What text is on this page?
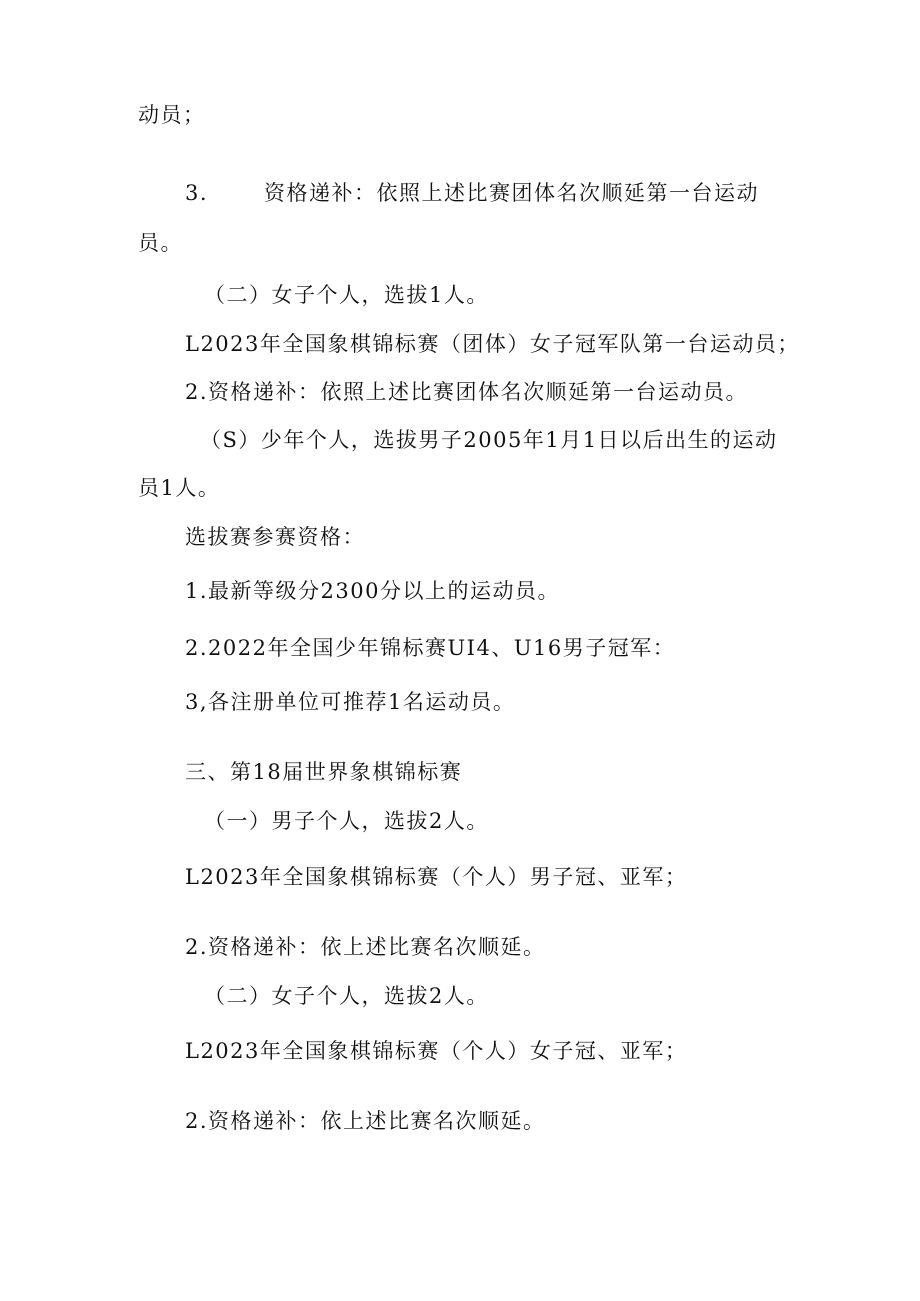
动员；
3.	资格递补：依照上述比赛团体名次顺延第一台运动
员。
（二）女子个人，选拔1人。
L2023年全国象棋锦标赛（团体）女子冠军队第一台运动员；
2.资格递补：依照上述比赛团体名次顺延第一台运动员。
（S）少年个人，选拔男子2005年1月1日以后出生的运动
员1人。
选拔赛参赛资格：
1.最新等级分2300分以上的运动员。
2.2022年全国少年锦标赛UI4、U16男子冠军：
3,各注册单位可推荐1名运动员。
三、第18届世界象棋锦标赛
（一）男子个人，选拔2人。
L2023年全国象棋锦标赛（个人）男子冠、亚军；
2.资格递补：依上述比赛名次顺延。
（二）女子个人，选拔2人。
L2023年全国象棋锦标赛（个人）女子冠、亚军；
2.资格递补：依上述比赛名次顺延。
